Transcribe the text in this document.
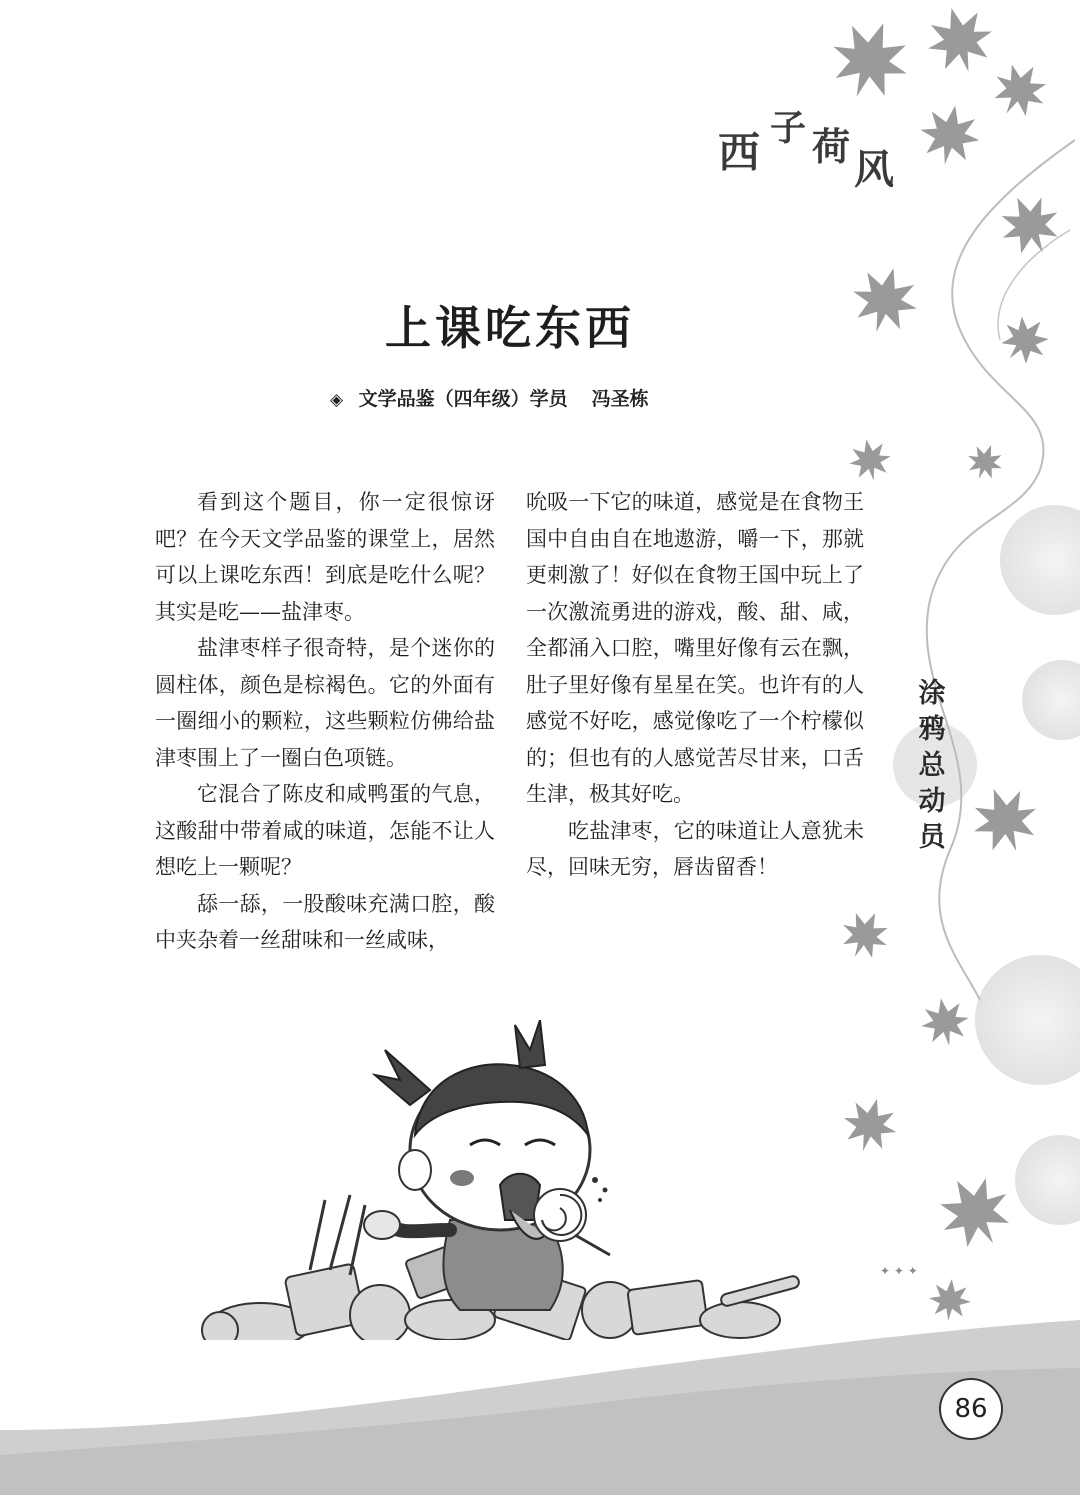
✦ ✦ ✦
西 子 荷 风
上课吃东西
◈ 文学品鉴（四年级）学员 冯圣栋

看到这个题目，你一定很惊讶吧？在今天文学品鉴的课堂上，居然可以上课吃东西！到底是吃什么呢？其实是吃——盐津枣。

盐津枣样子很奇特，是个迷你的圆柱体，颜色是棕褐色。它的外面有一圈细小的颗粒，这些颗粒仿佛给盐津枣围上了一圈白色项链。

它混合了陈皮和咸鸭蛋的气息，这酸甜中带着咸的味道，怎能不让人想吃上一颗呢？

舔一舔，一股酸味充满口腔，酸中夹杂着一丝甜味和一丝咸味，

吮吸一下它的味道，感觉是在食物王国中自由自在地遨游，嚼一下，那就更刺激了！好似在食物王国中玩上了一次激流勇进的游戏，酸、甜、咸，全都涌入口腔，嘴里好像有云在飘，肚子里好像有星星在笑。也许有的人感觉不好吃，感觉像吃了一个柠檬似的；但也有的人感觉苦尽甘来，口舌生津，极其好吃。

吃盐津枣，它的味道让人意犹未尽，回味无穷，唇齿留香！

涂
鸦
总
动
员
86
